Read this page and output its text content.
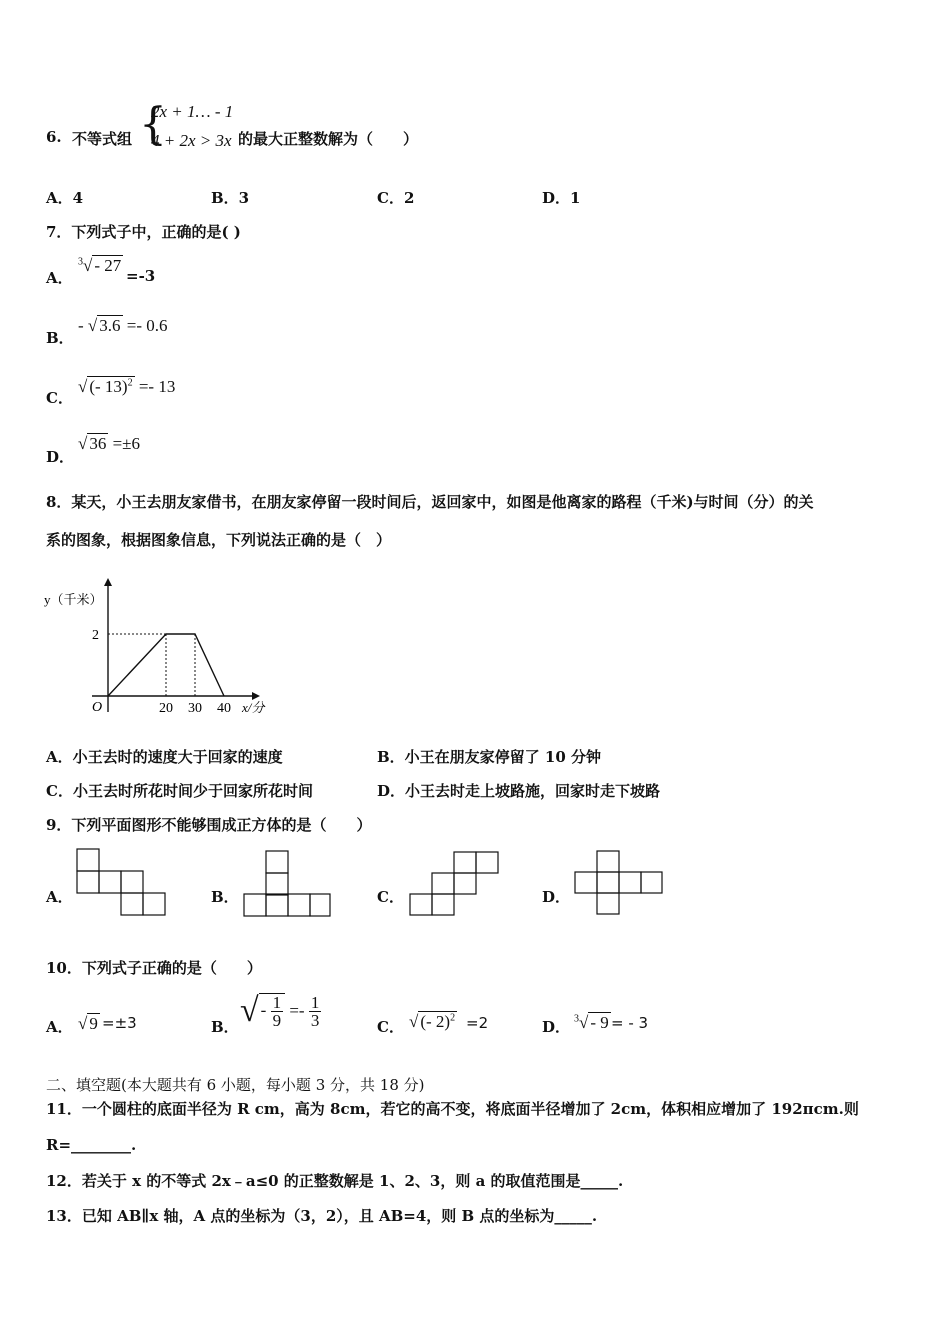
6. 不等式组 {
2x + 1… - 1
4 + 2x > 3x 的最大正整数解为（　　）
A．4	B．3	C．2	D．1
7．下列式子中，正确的是( )
A．
$^3$√ - 27
=-3
B．
- √ 3.6 =- 0.6
C．
√ (- 13)$^2$ =- 13
D．
√ 36 =±6
8．某天，小王去朋友家借书，在朋友家停留一段时间后，返回家中，如图是他离家的路程（千米)与时间（分）的关
系的图象，根据图象信息，下列说法正确的是（　）
y（千米）
x/分
O
2
20 30 40
A．小王去时的速度大于回家的速度	B．小王在朋友家停留了 10 分钟
C．小王去时所花时间少于回家所花时间	D．小王去时走上坡路施，回家时走下坡路
9．下列平面图形不能够围成正方体的是（　　）
A．	B．	C．	D．
10．下列式子正确的是（　　）
A． √ 9 =±3	B． √ - $\frac{1}{9} =- \frac{1}{3}$	C． √ (- 2)$^2$ =2	D． $^3$√ - 9 = - 3
二、填空题(本大题共有 6 小题，每小题 3 分，共 18 分)
11．一个圆柱的底面半径为 R cm，高为 8cm，若它的高不变，将底面半径增加了 2cm，体积相应增加了 192πcm.则
R=________.
12．若关于 x 的不等式 2x﹣a≤0 的正整数解是 1、2、3，则 a 的取值范围是_____.
13．已知 AB∥x 轴，A 点的坐标为（3，2），且 AB=4，则 B 点的坐标为_____.
